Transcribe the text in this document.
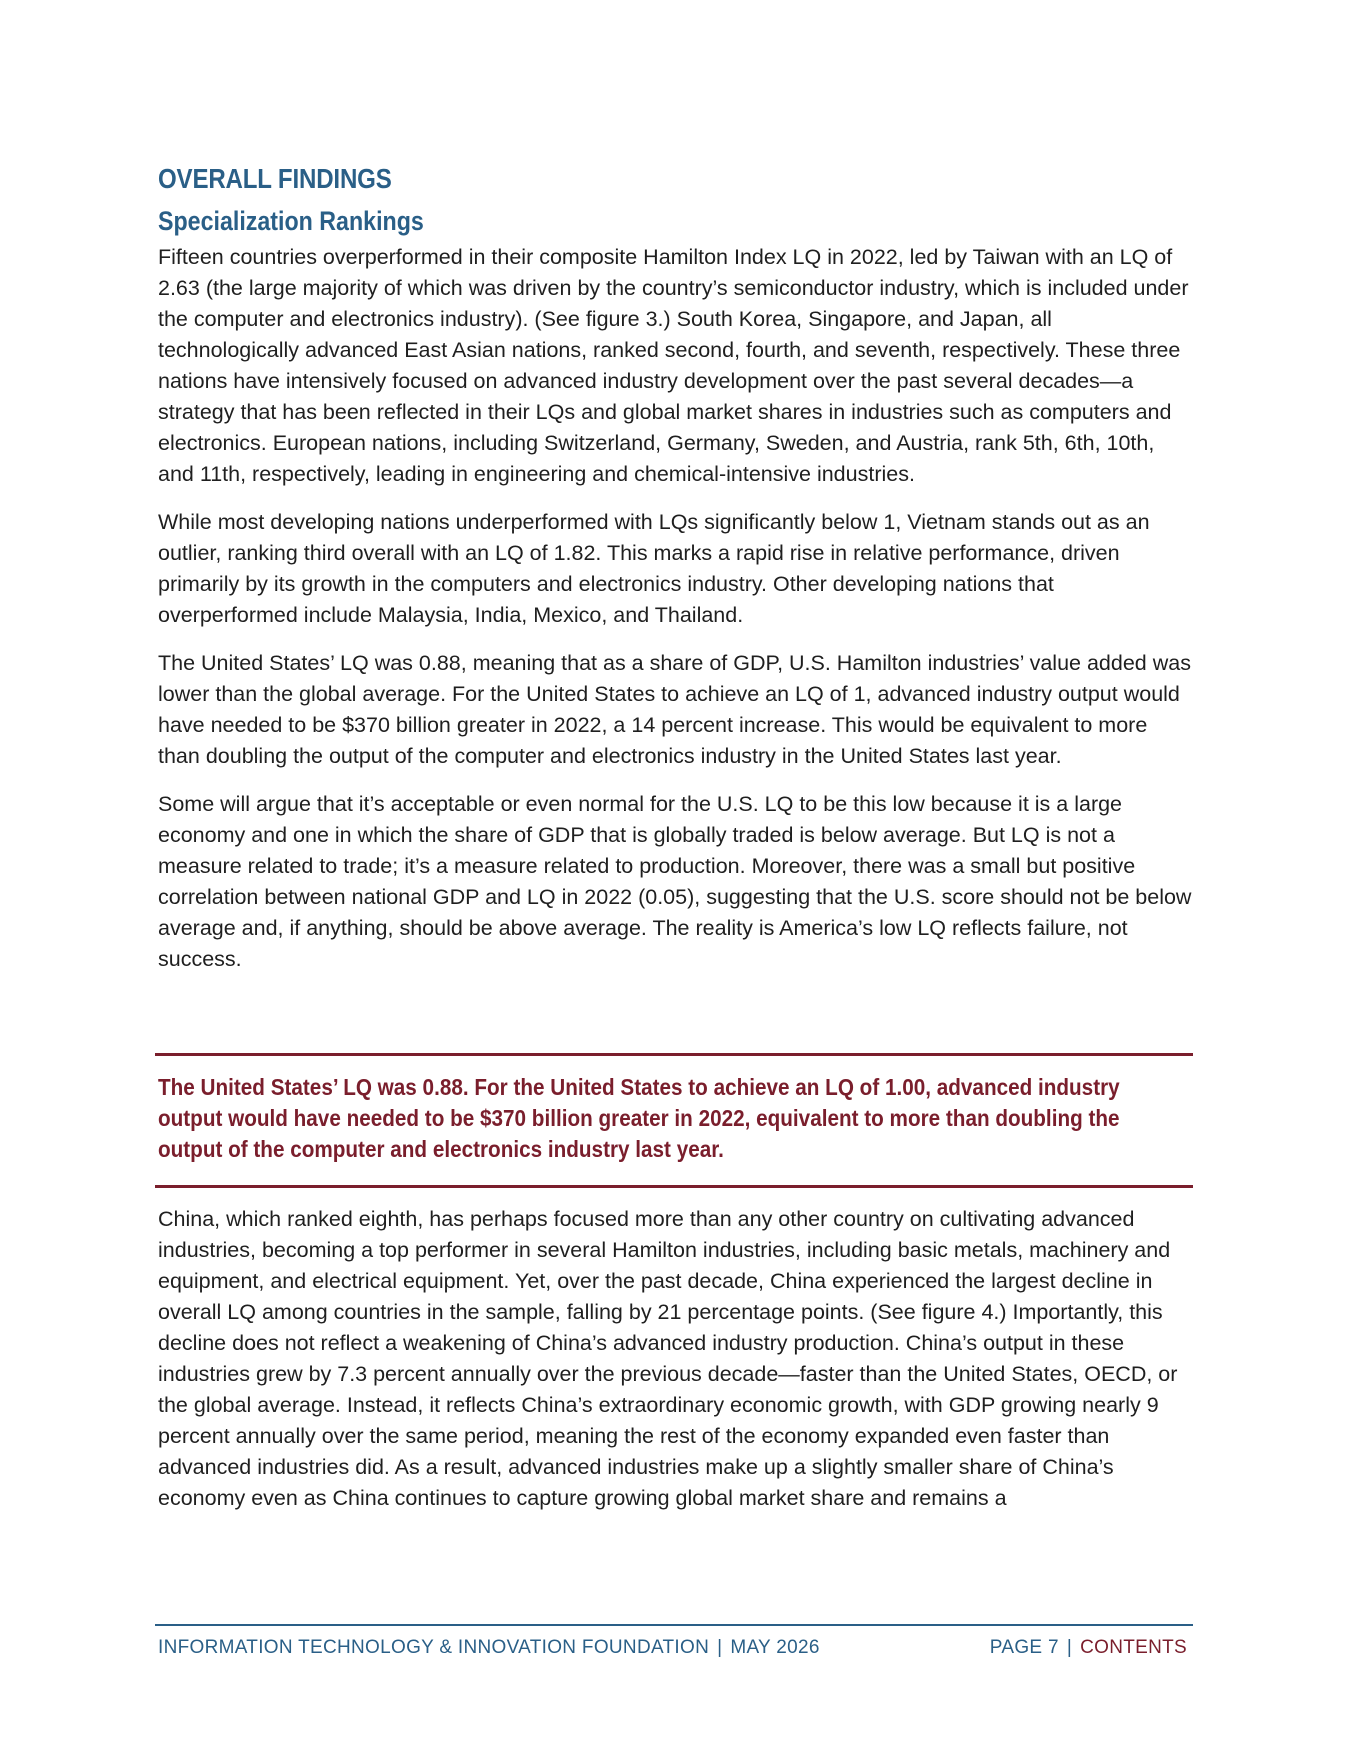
OVERALL FINDINGS
Specialization Rankings

Fifteen countries overperformed in their composite Hamilton Index LQ in 2022, led by Taiwan with an LQ of 2.63 (the large majority of which was driven by the country’s semiconductor industry, which is included under the computer and electronics industry). (See figure 3.) South Korea, Singapore, and Japan, all technologically advanced East Asian nations, ranked second, fourth, and seventh, respectively. These three nations have intensively focused on advanced industry development over the past several decades—a strategy that has been reflected in their LQs and global market shares in industries such as computers and electronics. European nations, including Switzerland, Germany, Sweden, and Austria, rank 5th, 6th, 10th, and 11th, respectively, leading in engineering and chemical-intensive industries.

While most developing nations underperformed with LQs significantly below 1, Vietnam stands out as an outlier, ranking third overall with an LQ of 1.82. This marks a rapid rise in relative performance, driven primarily by its growth in the computers and electronics industry. Other developing nations that overperformed include Malaysia, India, Mexico, and Thailand.

The United States’ LQ was 0.88, meaning that as a share of GDP, U.S. Hamilton industries’ value added was lower than the global average. For the United States to achieve an LQ of 1, advanced industry output would have needed to be $370 billion greater in 2022, a 14 percent increase. This would be equivalent to more than doubling the output of the computer and electronics industry in the United States last year.

Some will argue that it’s acceptable or even normal for the U.S. LQ to be this low because it is a large economy and one in which the share of GDP that is globally traded is below average. But LQ is not a measure related to trade; it’s a measure related to production. Moreover, there was a small but positive correlation between national GDP and LQ in 2022 (0.05), suggesting that the U.S. score should not be below average and, if anything, should be above average. The reality is America’s low LQ reflects failure, not success.

The United States’ LQ was 0.88. For the United States to achieve an LQ of 1.00, advanced industry output would have needed to be $370 billion greater in 2022, equivalent to more than doubling the output of the computer and electronics industry last year.

China, which ranked eighth, has perhaps focused more than any other country on cultivating advanced industries, becoming a top performer in several Hamilton industries, including basic metals, machinery and equipment, and electrical equipment. Yet, over the past decade, China experienced the largest decline in overall LQ among countries in the sample, falling by 21 percentage points. (See figure 4.) Importantly, this decline does not reflect a weakening of China’s advanced industry production. China’s output in these industries grew by 7.3 percent annually over the previous decade—faster than the United States, OECD, or the global average. Instead, it reflects China’s extraordinary economic growth, with GDP growing nearly 9 percent annually over the same period, meaning the rest of the economy expanded even faster than advanced industries did. As a result, advanced industries make up a slightly smaller share of China’s economy even as China continues to capture growing global market share and remains a

INFORMATION TECHNOLOGY & INNOVATION FOUNDATION | MAY 2026	PAGE 7 | CONTENTS
